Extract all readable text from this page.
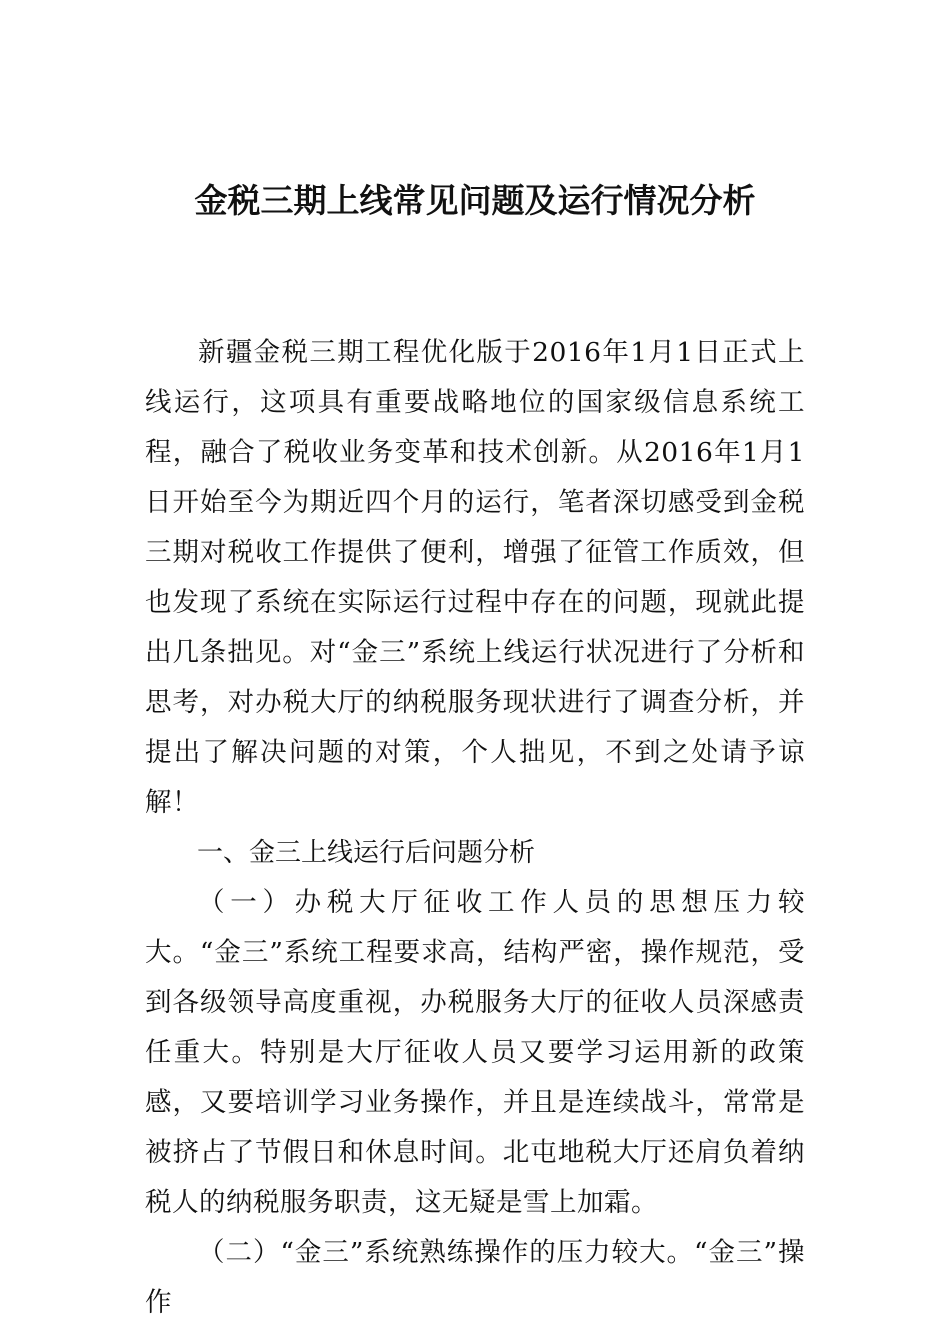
金税三期上线常见问题及运行情况分析

新疆金税三期工程优化版于2016年1月1日正式上线运行，这项具有重要战略地位的国家级信息系统工程，融合了税收业务变革和技术创新。从2016年1月1日开始至今为期近四个月的运行，笔者深切感受到金税三期对税收工作提供了便利，增强了征管工作质效，但也发现了系统在实际运行过程中存在的问题，现就此提出几条拙见。对“金三”系统上线运行状况进行了分析和思考，对办税大厅的纳税服务现状进行了调查分析，并提出了解决问题的对策，个人拙见，不到之处请予谅解！

一、金三上线运行后问题分析

（一）办税大厅征收工作人员的思想压力较大。“金三”系统工程要求高，结构严密，操作规范，受到各级领导高度重视，办税服务大厅的征收人员深感责任重大。特别是大厅征收人员又要学习运用新的政策感，又要培训学习业务操作，并且是连续战斗，常常是被挤占了节假日和休息时间。北屯地税大厅还肩负着纳税人的纳税服务职责，这无疑是雪上加霜。

（二）“金三”系统熟练操作的压力较大。“金三”操作
